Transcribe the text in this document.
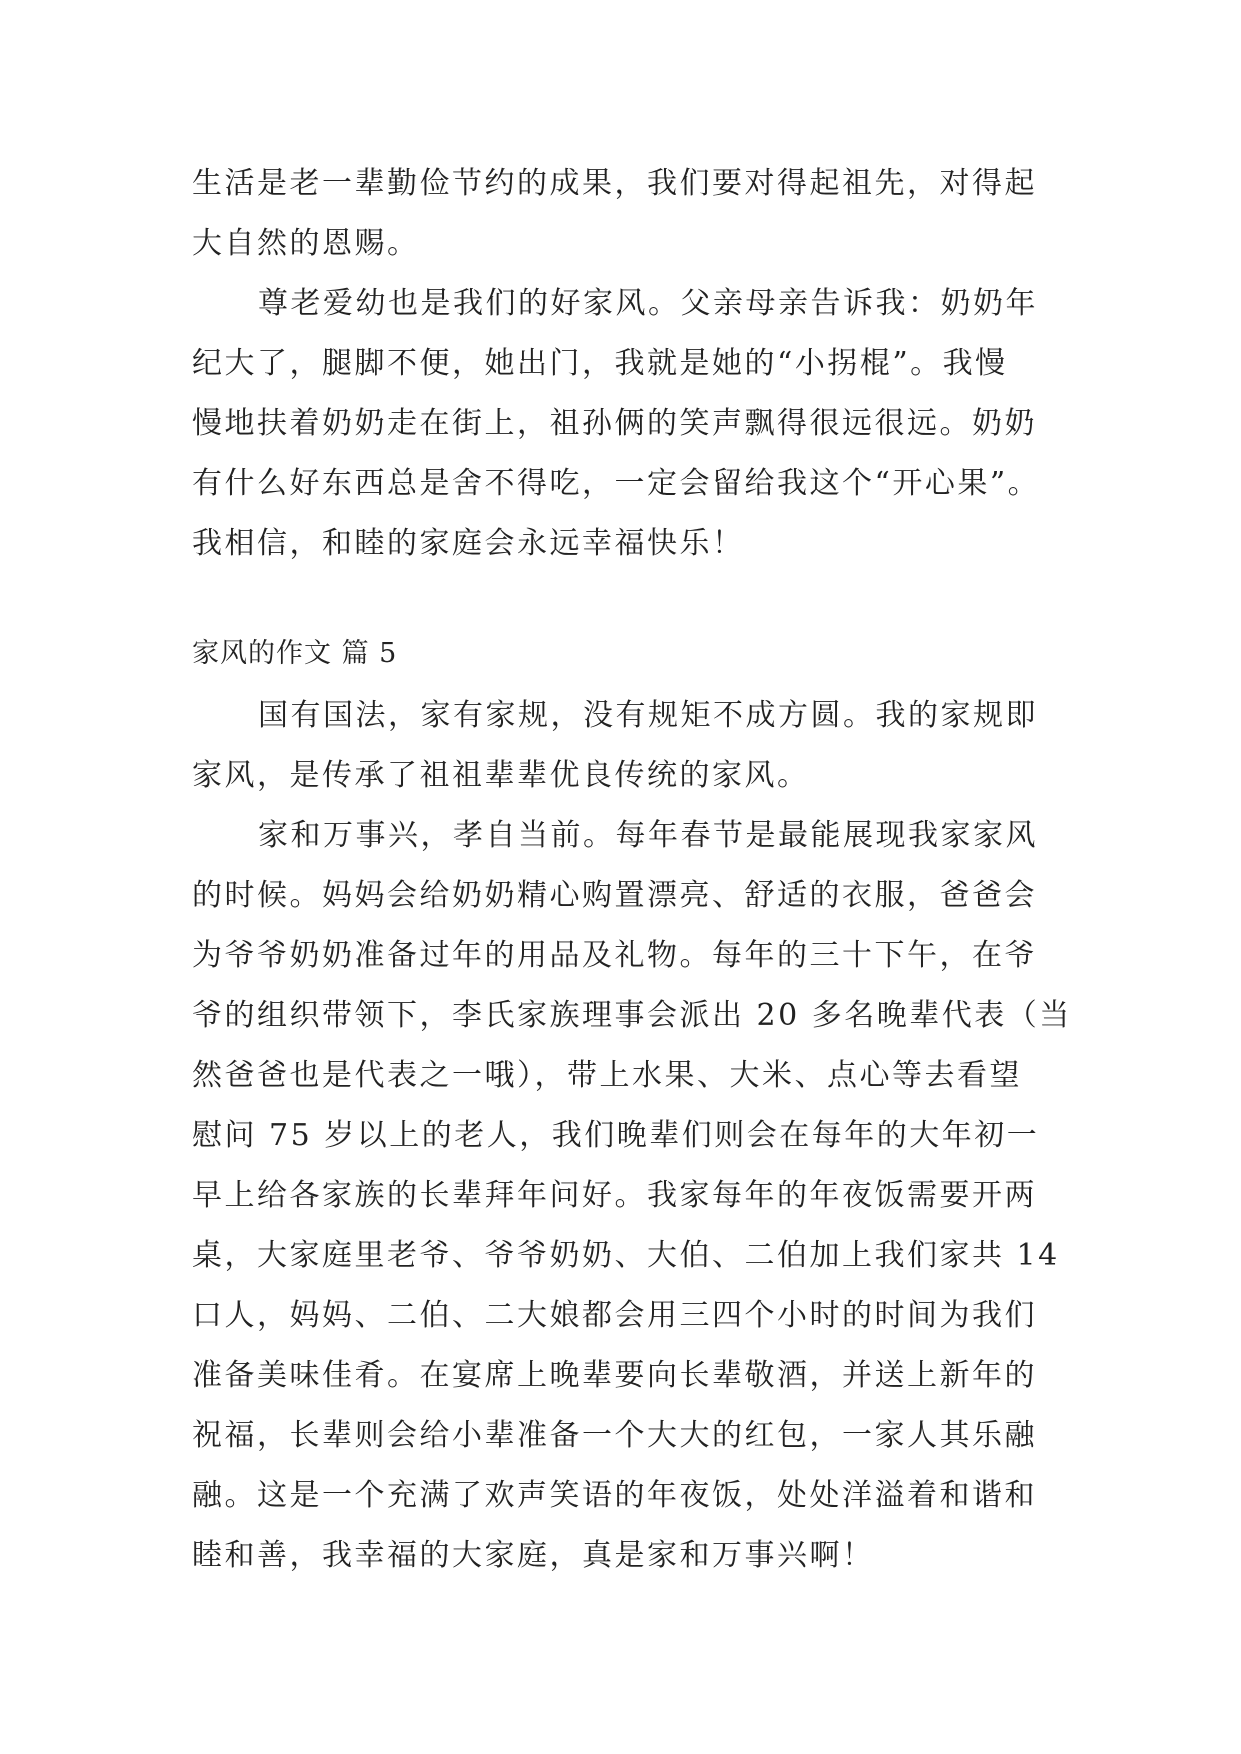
生活是老一辈勤俭节约的成果，我们要对得起祖先，对得起
大自然的恩赐。
尊老爱幼也是我们的好家风。父亲母亲告诉我：奶奶年
纪大了，腿脚不便，她出门，我就是她的“小拐棍”。我慢
慢地扶着奶奶走在街上，祖孙俩的笑声飘得很远很远。奶奶
有什么好东西总是舍不得吃，一定会留给我这个“开心果”。
我相信，和睦的家庭会永远幸福快乐！
家风的作文 篇 5
国有国法，家有家规，没有规矩不成方圆。我的家规即
家风，是传承了祖祖辈辈优良传统的家风。
家和万事兴，孝自当前。每年春节是最能展现我家家风
的时候。妈妈会给奶奶精心购置漂亮、舒适的衣服，爸爸会
为爷爷奶奶准备过年的用品及礼物。每年的三十下午，在爷
爷的组织带领下，李氏家族理事会派出 20 多名晚辈代表（当
然爸爸也是代表之一哦），带上水果、大米、点心等去看望
慰问 75 岁以上的老人，我们晚辈们则会在每年的大年初一
早上给各家族的长辈拜年问好。我家每年的年夜饭需要开两
桌，大家庭里老爷、爷爷奶奶、大伯、二伯加上我们家共 14
口人，妈妈、二伯、二大娘都会用三四个小时的时间为我们
准备美味佳肴。在宴席上晚辈要向长辈敬酒，并送上新年的
祝福，长辈则会给小辈准备一个大大的红包，一家人其乐融
融。这是一个充满了欢声笑语的年夜饭，处处洋溢着和谐和
睦和善，我幸福的大家庭，真是家和万事兴啊！
